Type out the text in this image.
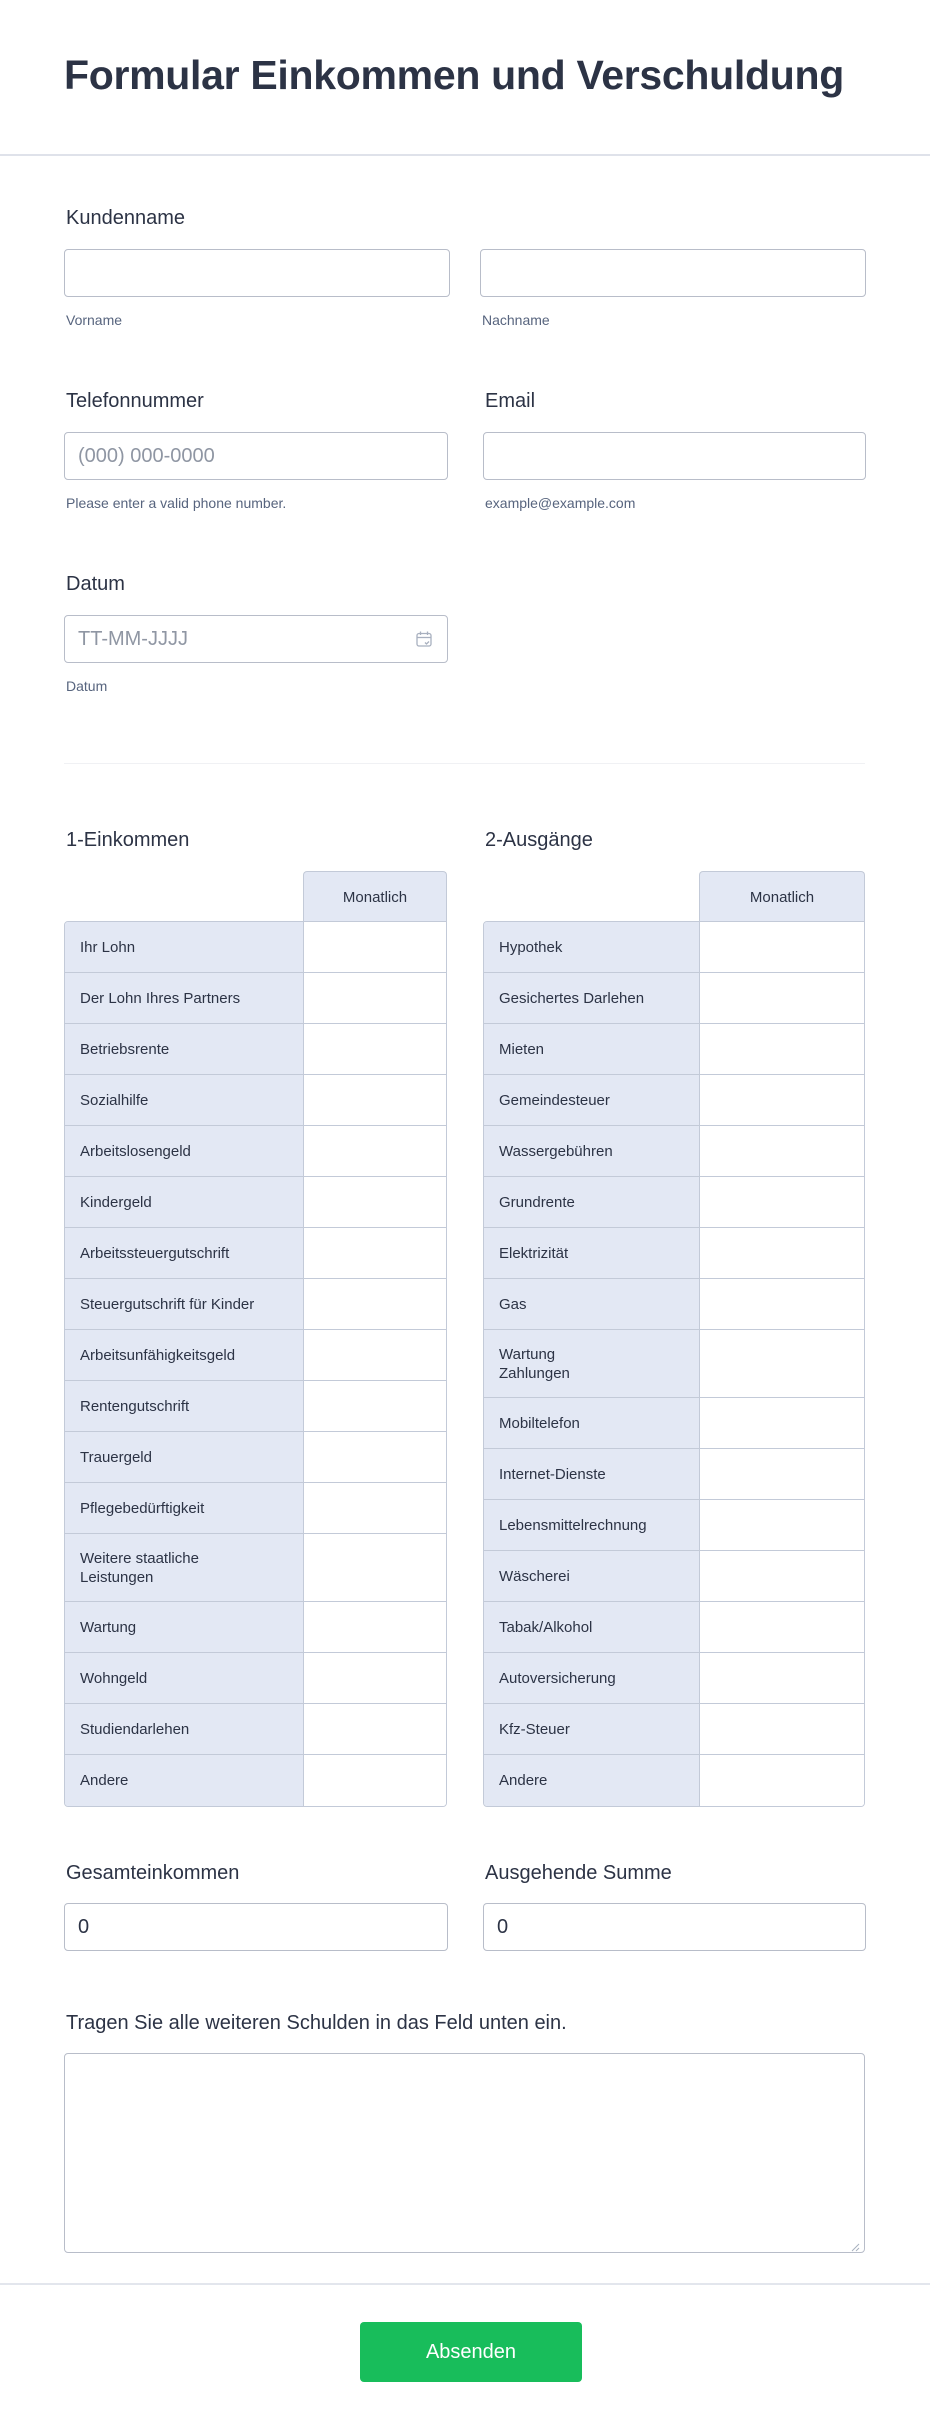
Formular Einkommen und Verschuldung
Kundenname
Vorname	Nachname
Telefonnummer
(000) 000-0000
Please enter a valid phone number.
Email
example@example.com
Datum
TT-MM-JJJJ
Datum
1-Einkommen
Monatlich
Ihr Lohn
Der Lohn Ihres Partners
Betriebsrente
Sozialhilfe
Arbeitslosengeld
Kindergeld
Arbeitssteuergutschrift
Steuergutschrift für Kinder
Arbeitsunfähigkeitsgeld
Rentengutschrift
Trauergeld
Pflegebedürftigkeit
Weitere staatliche
Leistungen
Wartung
Wohngeld
Studiendarlehen
Andere
2-Ausgänge
Monatlich
Hypothek
Gesichertes Darlehen
Mieten
Gemeindesteuer
Wassergebühren
Grundrente
Elektrizität
Gas
Wartung
Zahlungen
Mobiltelefon
Internet-Dienste
Lebensmittelrechnung
Wäscherei
Tabak/Alkohol
Autoversicherung
Kfz-Steuer
Andere
Gesamteinkommen
0
Ausgehende Summe
0
Tragen Sie alle weiteren Schulden in das Feld unten ein.
Absenden
